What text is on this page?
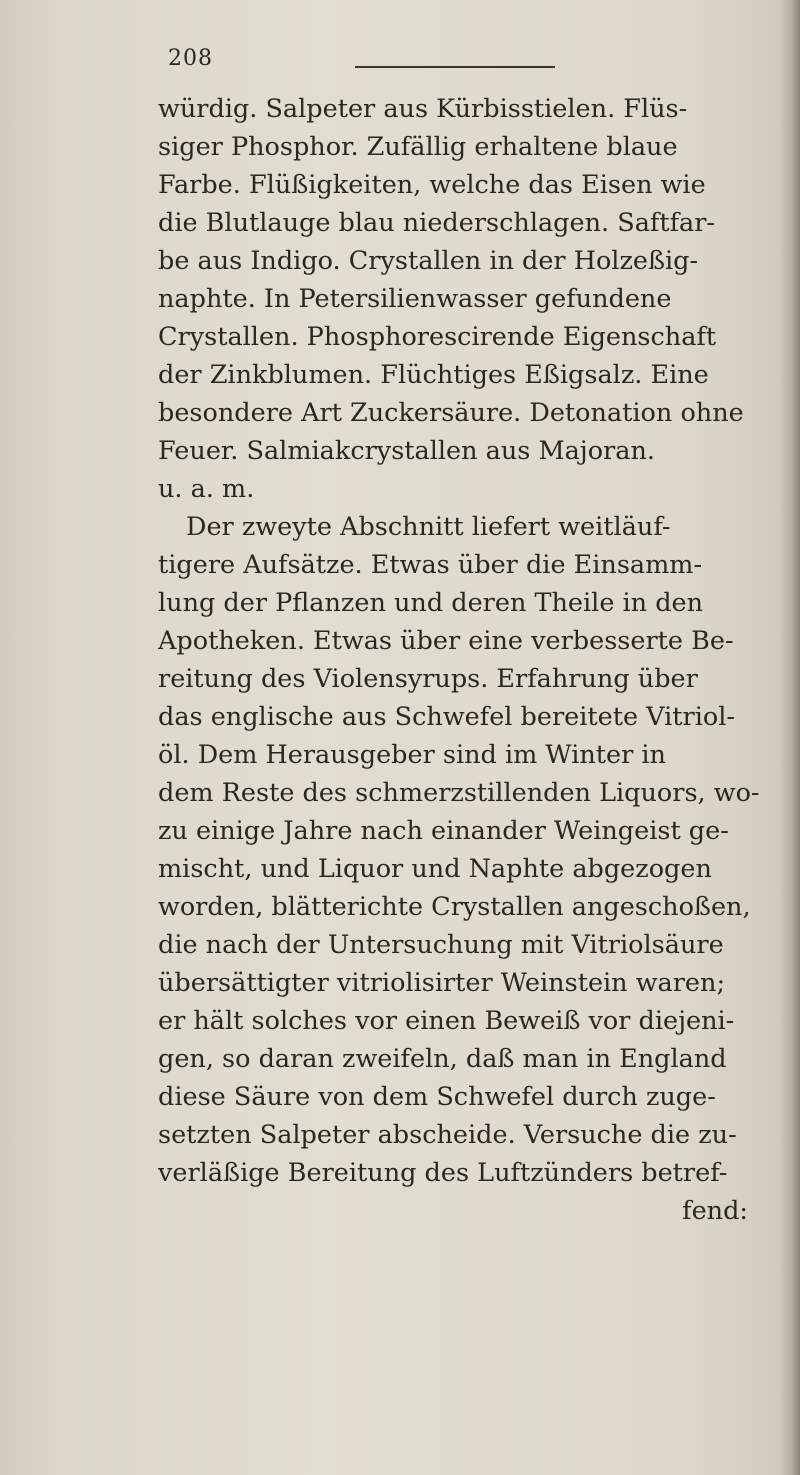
208
würdig. Salpeter aus Kürbisstielen. Flüs-
siger Phosphor. Zufällig erhaltene blaue
Farbe. Flüßigkeiten, welche das Eisen wie
die Blutlauge blau niederschlagen. Saftfar-
be aus Indigo. Crystallen in der Holzeßig-
naphte. In Petersilienwasser gefundene
Crystallen. Phosphorescirende Eigenschaft
der Zinkblumen. Flüchtiges Eßigsalz. Eine
besondere Art Zuckersäure. Detonation ohne
Feuer. Salmiakcrystallen aus Majoran.
u. a. m.
Der zweyte Abschnitt liefert weitläuf-
tigere Aufsätze. Etwas über die Einsamm-
lung der Pflanzen und deren Theile in den
Apotheken. Etwas über eine verbesserte Be-
reitung des Violensyrups. Erfahrung über
das englische aus Schwefel bereitete Vitriol-
öl. Dem Herausgeber sind im Winter in
dem Reste des schmerzstillenden Liquors, wo-
zu einige Jahre nach einander Weingeist ge-
mischt, und Liquor und Naphte abgezogen
worden, blätterichte Crystallen angeschoßen,
die nach der Untersuchung mit Vitriolsäure
übersättigter vitriolisirter Weinstein waren;
er hält solches vor einen Beweiß vor diejeni-
gen, so daran zweifeln, daß man in England
diese Säure von dem Schwefel durch zuge-
setzten Salpeter abscheide. Versuche die zu-
verläßige Bereitung des Luftzünders betref-
fend:
